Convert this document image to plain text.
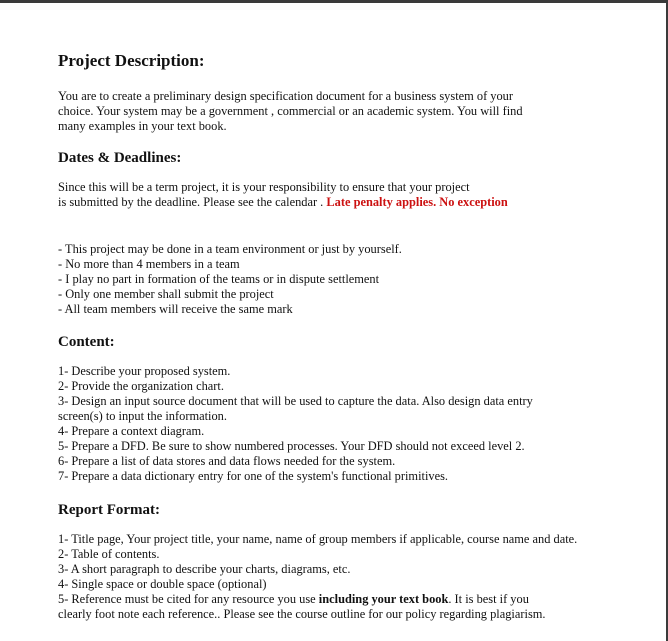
Project Description:
You are to create a preliminary design specification document for a business system of your
choice. Your system may be a government , commercial or an academic system. You will find
many examples in your text book.
Dates & Deadlines:
Since this will be a term project, it is your responsibility to ensure that your project
is submitted by the deadline. Please see the calendar . Late penalty applies. No exception
- This project may be done in a team environment or just by yourself.
- No more than 4 members in a team
- I play no part in formation of the teams or in dispute settlement
- Only one member shall submit the project
- All team members will receive the same mark
Content:
1- Describe your proposed system.
2- Provide the organization chart.
3- Design an input source document that will be used to capture the data. Also design data entry
screen(s) to input the information.
4- Prepare a context diagram.
5- Prepare a DFD. Be sure to show numbered processes. Your DFD should not exceed level 2.
6- Prepare a list of data stores and data flows needed for the system.
7- Prepare a data dictionary entry for one of the system's functional primitives.
Report Format:
1- Title page, Your project title, your name, name of group members if applicable, course name and date.
2- Table of contents.
3- A short paragraph to describe your charts, diagrams, etc.
4- Single space or double space (optional)
5- Reference must be cited for any resource you use including your text book. It is best if you
clearly foot note each reference.. Please see the course outline for our policy regarding plagiarism.
